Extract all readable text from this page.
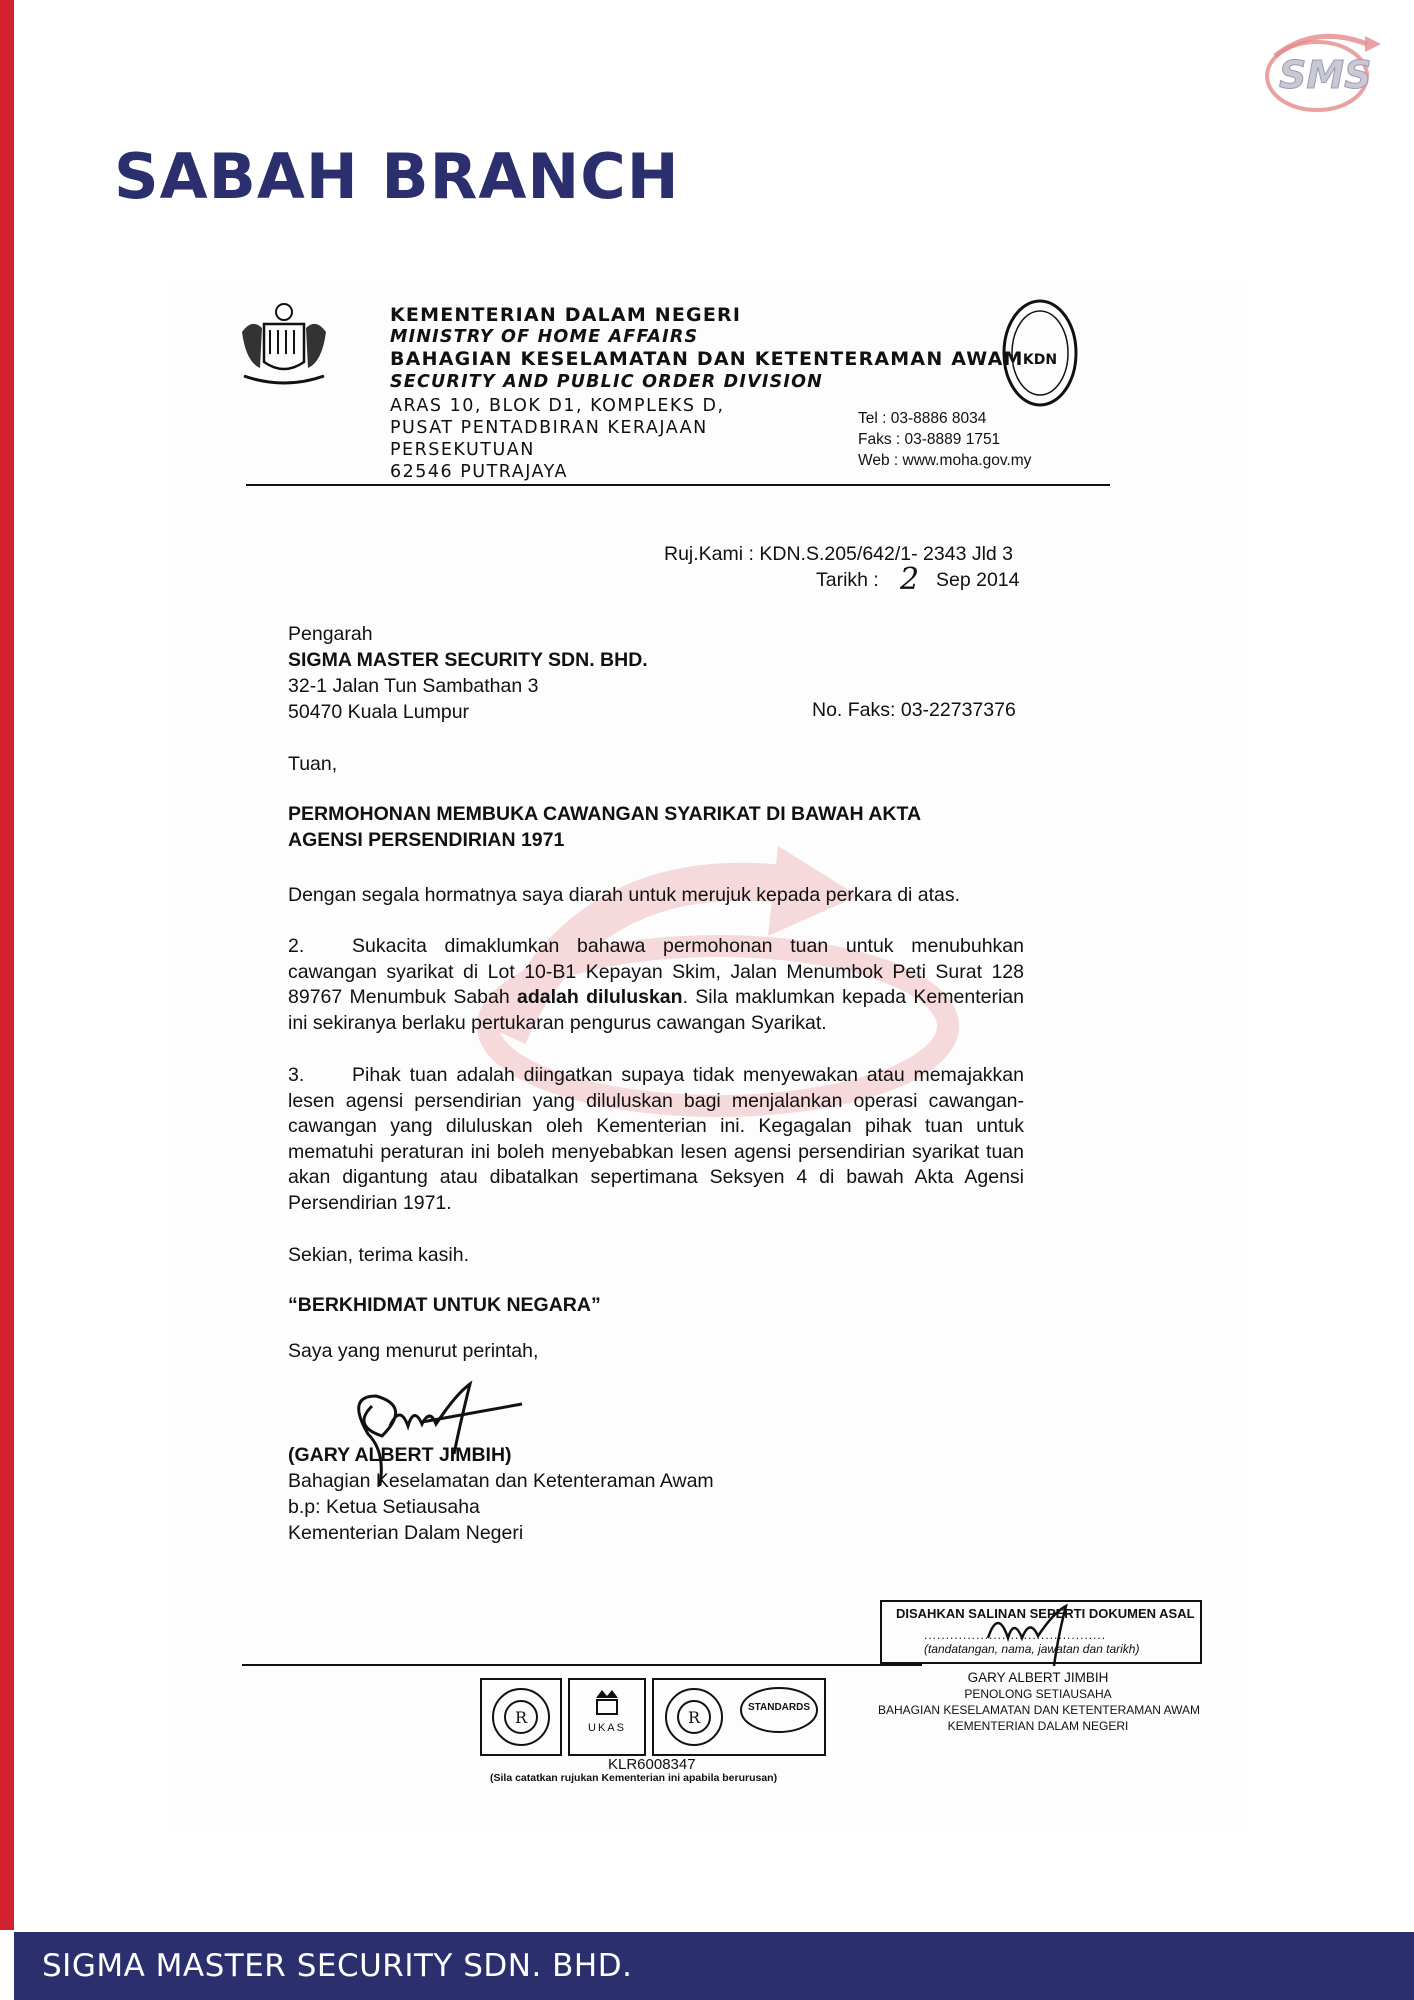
SMS
SABAH BRANCH
KEMENTERIAN DALAM NEGERI
MINISTRY OF HOME AFFAIRS
BAHAGIAN KESELAMATAN DAN KETENTERAMAN AWAM
SECURITY AND PUBLIC ORDER DIVISION
ARAS 10, BLOK D1, KOMPLEKS D,
PUSAT PENTADBIRAN KERAJAAN
PERSEKUTUAN
62546 PUTRAJAYA
Tel : 03-8886 8034
Faks : 03-8889 1751
Web : www.moha.gov.my
KDN
Ruj.Kami : KDN.S.205/642/1- 2343 Jld 3
Tarikh : 2 Sep 2014
Pengarah
SIGMA MASTER SECURITY SDN. BHD.
32-1 Jalan Tun Sambathan 3
50470 Kuala Lumpur	No. Faks: 03-22737376
Tuan,
PERMOHONAN MEMBUKA CAWANGAN SYARIKAT DI BAWAH AKTA
AGENSI PERSENDIRIAN 1971
Dengan segala hormatnya saya diarah untuk merujuk kepada perkara di atas.
2. Sukacita dimaklumkan bahawa permohonan tuan untuk menubuhkan cawangan syarikat di Lot 10-B1 Kepayan Skim, Jalan Menumbok Peti Surat 128 89767 Menumbuk Sabah adalah diluluskan. Sila maklumkan kepada Kementerian ini sekiranya berlaku pertukaran pengurus cawangan Syarikat.
3. Pihak tuan adalah diingatkan supaya tidak menyewakan atau memajakkan lesen agensi persendirian yang diluluskan bagi menjalankan operasi cawangan-cawangan yang diluluskan oleh Kementerian ini. Kegagalan pihak tuan untuk mematuhi peraturan ini boleh menyebabkan lesen agensi persendirian syarikat tuan akan digantung atau dibatalkan sepertimana Seksyen 4 di bawah Akta Agensi Persendirian 1971.
Sekian, terima kasih.
“BERKHIDMAT UNTUK NEGARA”
Saya yang menurut perintah,
(GARY ALBERT JIMBIH)
Bahagian Keselamatan dan Ketenteraman Awam
b.p: Ketua Setiausaha
Kementerian Dalam Negeri
DISAHKAN SALINAN SEPERTI DOKUMEN ASAL
..........................................
(tandatangan, nama, jawatan dan tarikh)
GARY ALBERT JIMBIH
PENOLONG SETIAUSAHA
BAHAGIAN KESELAMATAN DAN KETENTERAMAN AWAM
KEMENTERIAN DALAM NEGERI
R
UKAS
R
STANDARDS
KLR6008347
(Sila catatkan rujukan Kementerian ini apabila berurusan)
SIGMA MASTER SECURITY SDN. BHD.
